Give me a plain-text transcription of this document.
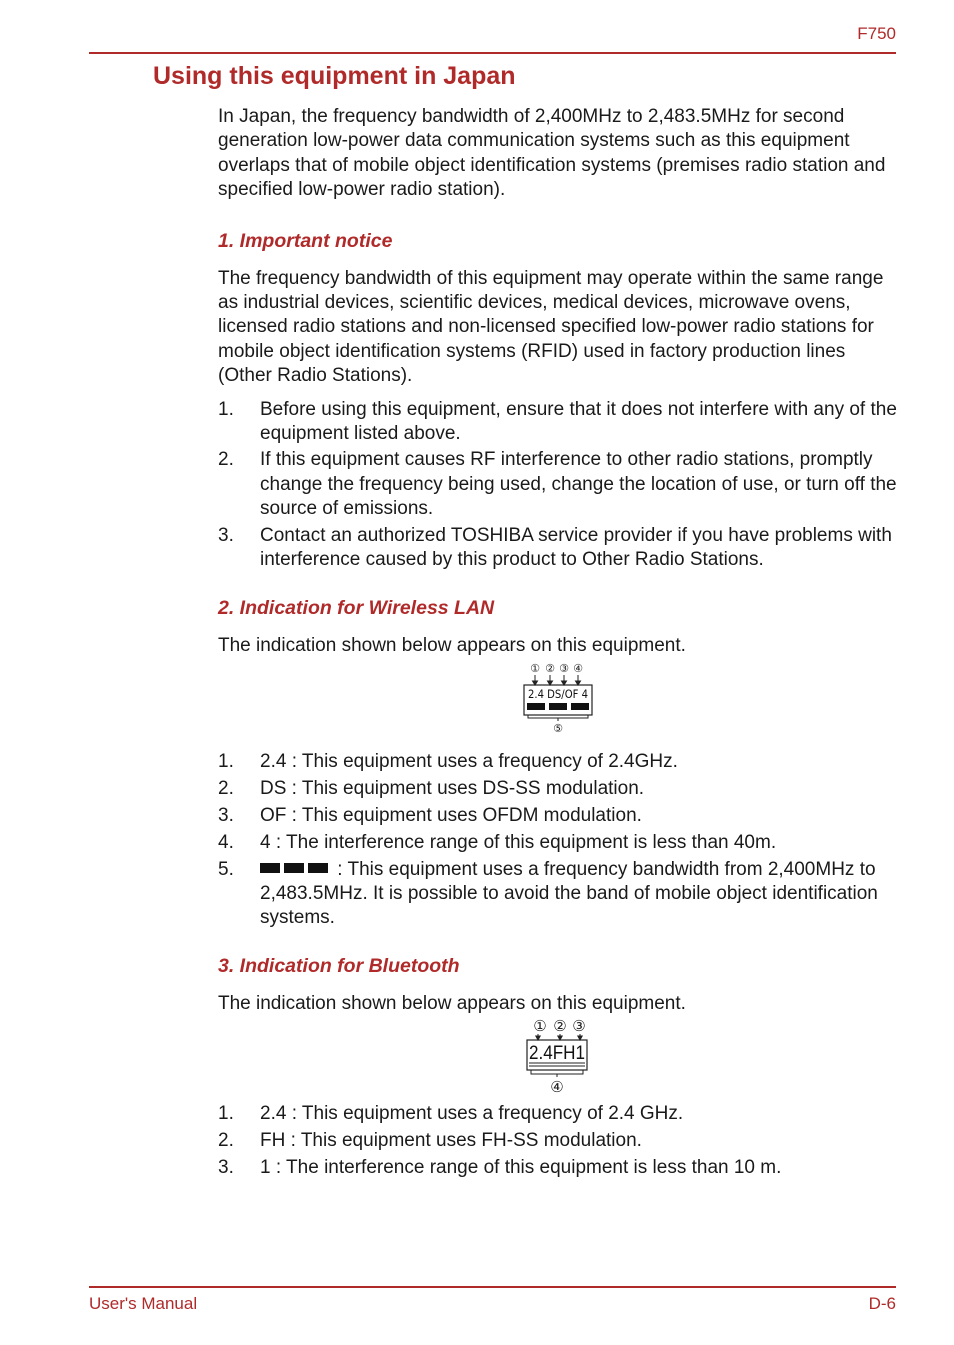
F750
Using this equipment in Japan

In Japan, the frequency bandwidth of 2,400MHz to 2,483.5MHz for second generation low-power data communication systems such as this equipment overlaps that of mobile object identification systems (premises radio station and specified low-power radio station).

1. Important notice

The frequency bandwidth of this equipment may operate within the same range as industrial devices, scientific devices, medical devices, microwave ovens, licensed radio stations and non-licensed specified low-power radio stations for mobile object identification systems (RFID) used in factory production lines (Other Radio Stations).

1. Before using this equipment, ensure that it does not interfere with any of the equipment listed above.
2. If this equipment causes RF interference to other radio stations, promptly change the frequency being used, change the location of use, or turn off the source of emissions.
3. Contact an authorized TOSHIBA service provider if you have problems with interference caused by this product to Other Radio Stations.
2. Indication for Wireless LAN

The indication shown below appears on this equipment.

① ② ③ ④
2.4 DS/OF 4
⑤
1. 2.4 : This equipment uses a frequency of 2.4GHz.
2. DS : This equipment uses DS-SS modulation.
3. OF : This equipment uses OFDM modulation.
4. 4 : The interference range of this equipment is less than 40m.
5.	: This equipment uses a frequency bandwidth from 2,400MHz to 2,483.5MHz. It is possible to avoid the band of mobile object identification systems.
3. Indication for Bluetooth

The indication shown below appears on this equipment.

① ② ③
2.4FH1
④
1. 2.4 : This equipment uses a frequency of 2.4 GHz.
2. FH : This equipment uses FH-SS modulation.
3. 1 : The interference range of this equipment is less than 10 m.
User's Manual	D-6
